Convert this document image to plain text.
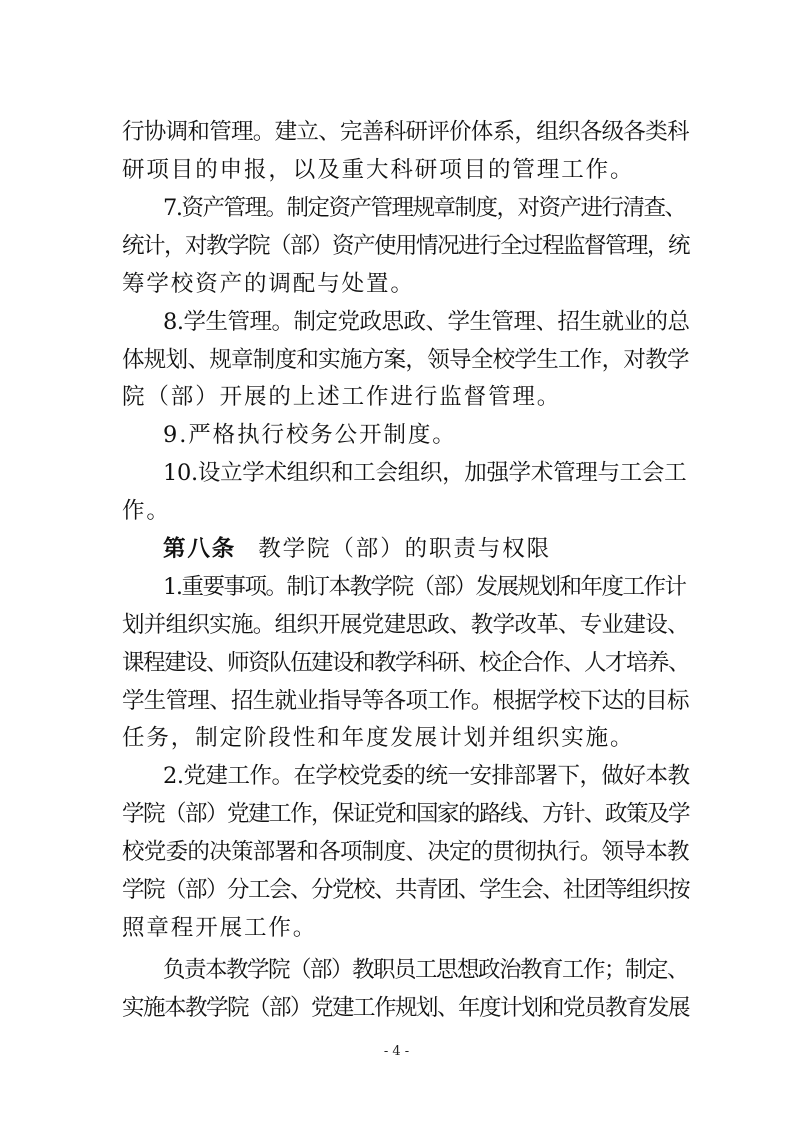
行协调和管理。建立、完善科研评价体系，组织各级各类科
研项目的申报，以及重大科研项目的管理工作。
7.资产管理。制定资产管理规章制度，对资产进行清查、
统计，对教学院（部）资产使用情况进行全过程监督管理，统
筹学校资产的调配与处置。
8.学生管理。制定党政思政、学生管理、招生就业的总
体规划、规章制度和实施方案，领导全校学生工作，对教学
院（部）开展的上述工作进行监督管理。
9.严格执行校务公开制度。
10.设立学术组织和工会组织，加强学术管理与工会工
作。
第八条 教学院（部）的职责与权限
1.重要事项。制订本教学院（部）发展规划和年度工作计
划并组织实施。组织开展党建思政、教学改革、专业建设、
课程建设、师资队伍建设和教学科研、校企合作、人才培养、
学生管理、招生就业指导等各项工作。根据学校下达的目标
任务，制定阶段性和年度发展计划并组织实施。
2.党建工作。在学校党委的统一安排部署下，做好本教
学院（部）党建工作，保证党和国家的路线、方针、政策及学
校党委的决策部署和各项制度、决定的贯彻执行。领导本教
学院（部）分工会、分党校、共青团、学生会、社团等组织按
照章程开展工作。
负责本教学院（部）教职员工思想政治教育工作；制定、
实施本教学院（部）党建工作规划、年度计划和党员教育发展
- 4 -
